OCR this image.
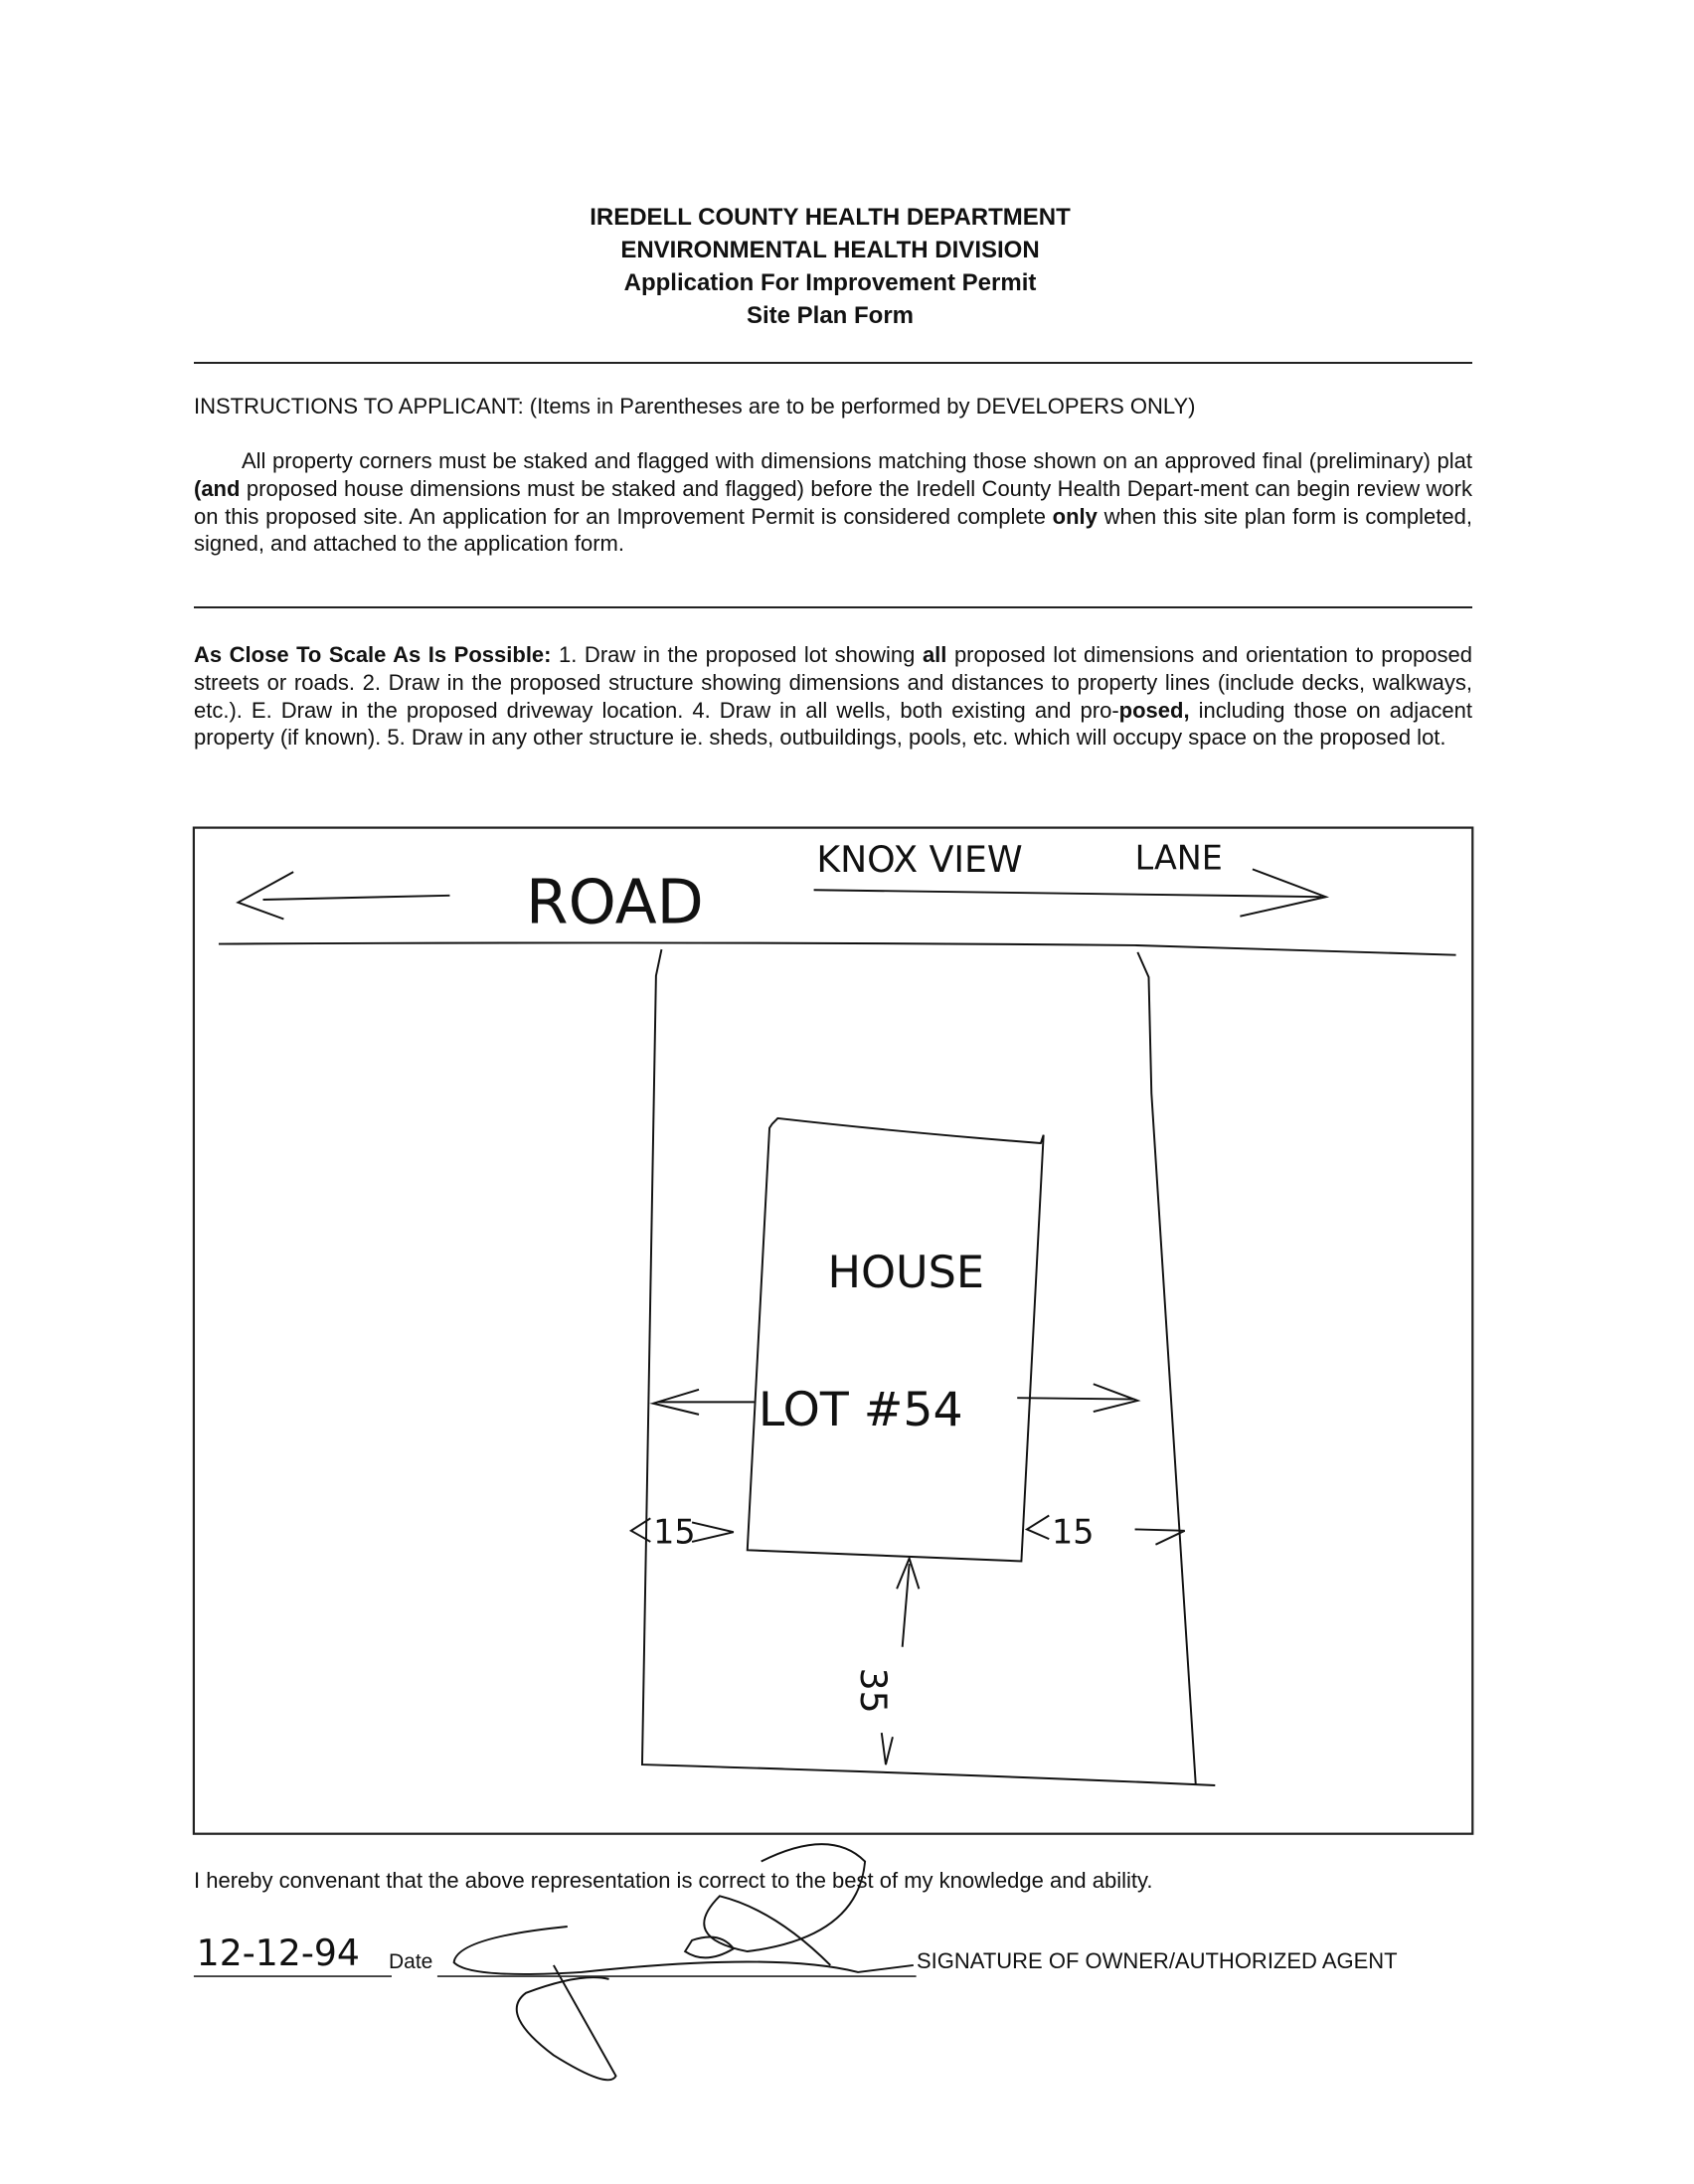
IREDELL COUNTY HEALTH DEPARTMENT
ENVIRONMENTAL HEALTH DIVISION
Application For Improvement Permit
Site Plan Form
INSTRUCTIONS TO APPLICANT: (Items in Parentheses are to be performed by DEVELOPERS ONLY)
All property corners must be staked and flagged with dimensions matching those shown on an approved final (preliminary) plat (and proposed house dimensions must be staked and flagged) before the Iredell County Health Depart-ment can begin review work on this proposed site. An application for an Improvement Permit is considered complete only when this site plan form is completed, signed, and attached to the application form.
As Close To Scale As Is Possible: 1. Draw in the proposed lot showing all proposed lot dimensions and orientation to proposed streets or roads. 2. Draw in the proposed structure showing dimensions and distances to property lines (include decks, walkways, etc.). E. Draw in the proposed driveway location. 4. Draw in all wells, both existing and pro-posed, including those on adjacent property (if known). 5. Draw in any other structure ie. sheds, outbuildings, pools, etc. which will occupy space on the proposed lot.
ROAD
KNOX VIEW	LANE
HOUSE
LOT #54
15	15
35
12-12-94
I hereby convenant that the above representation is correct to the best of my knowledge and ability.
Date	SIGNATURE OF OWNER/AUTHORIZED AGENT
